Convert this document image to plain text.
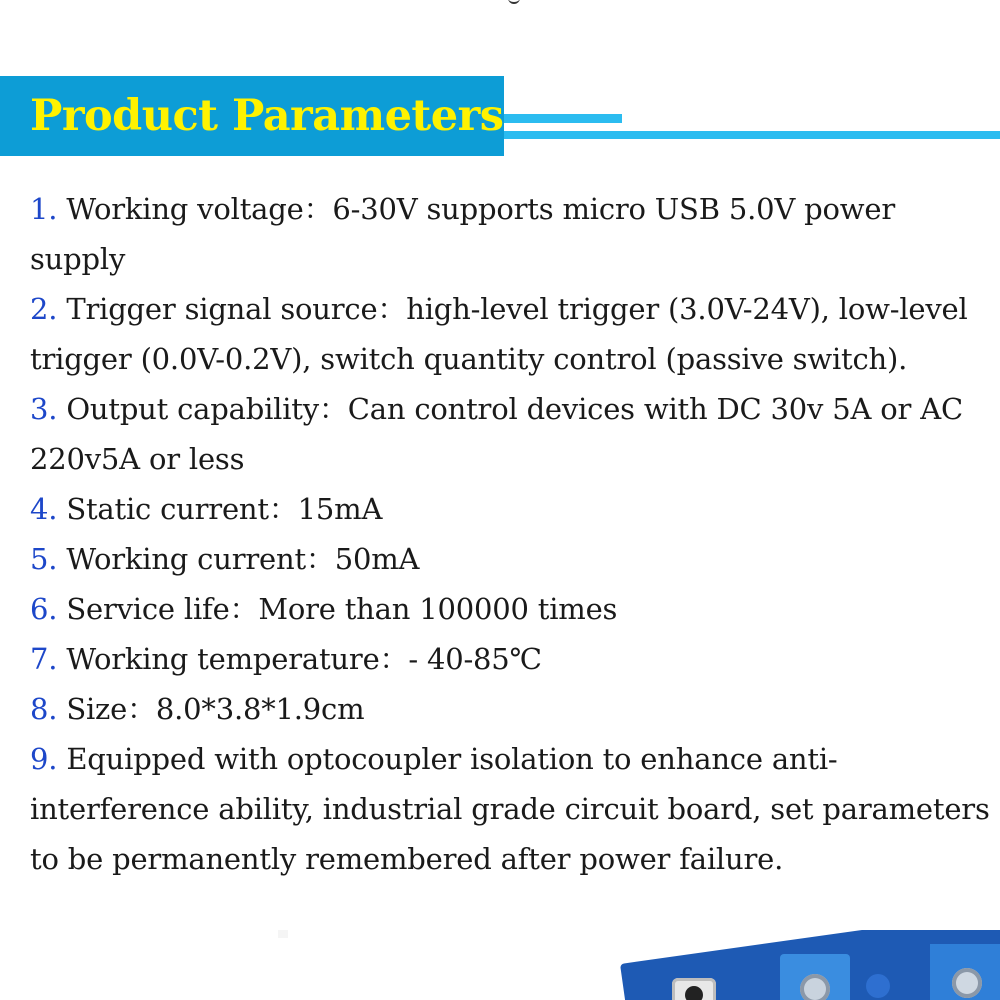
Product Parameters

1. Working voltage：6-30V supports micro USB 5.0V power supply

2. Trigger signal source：high-level trigger (3.0V-24V), low-level trigger (0.0V-0.2V), switch quantity control (passive switch).

3. Output capability：Can control devices with DC 30v 5A or AC 220v5A or less

4. Static current：15mA

5. Working current：50mA

6. Service life：More than 100000 times

7. Working temperature：- 40-85℃

8. Size：8.0*3.8*1.9cm

9. Equipped with optocoupler isolation to enhance anti-interference ability, industrial grade circuit board, set parameters to be permanently remembered after power failure.
